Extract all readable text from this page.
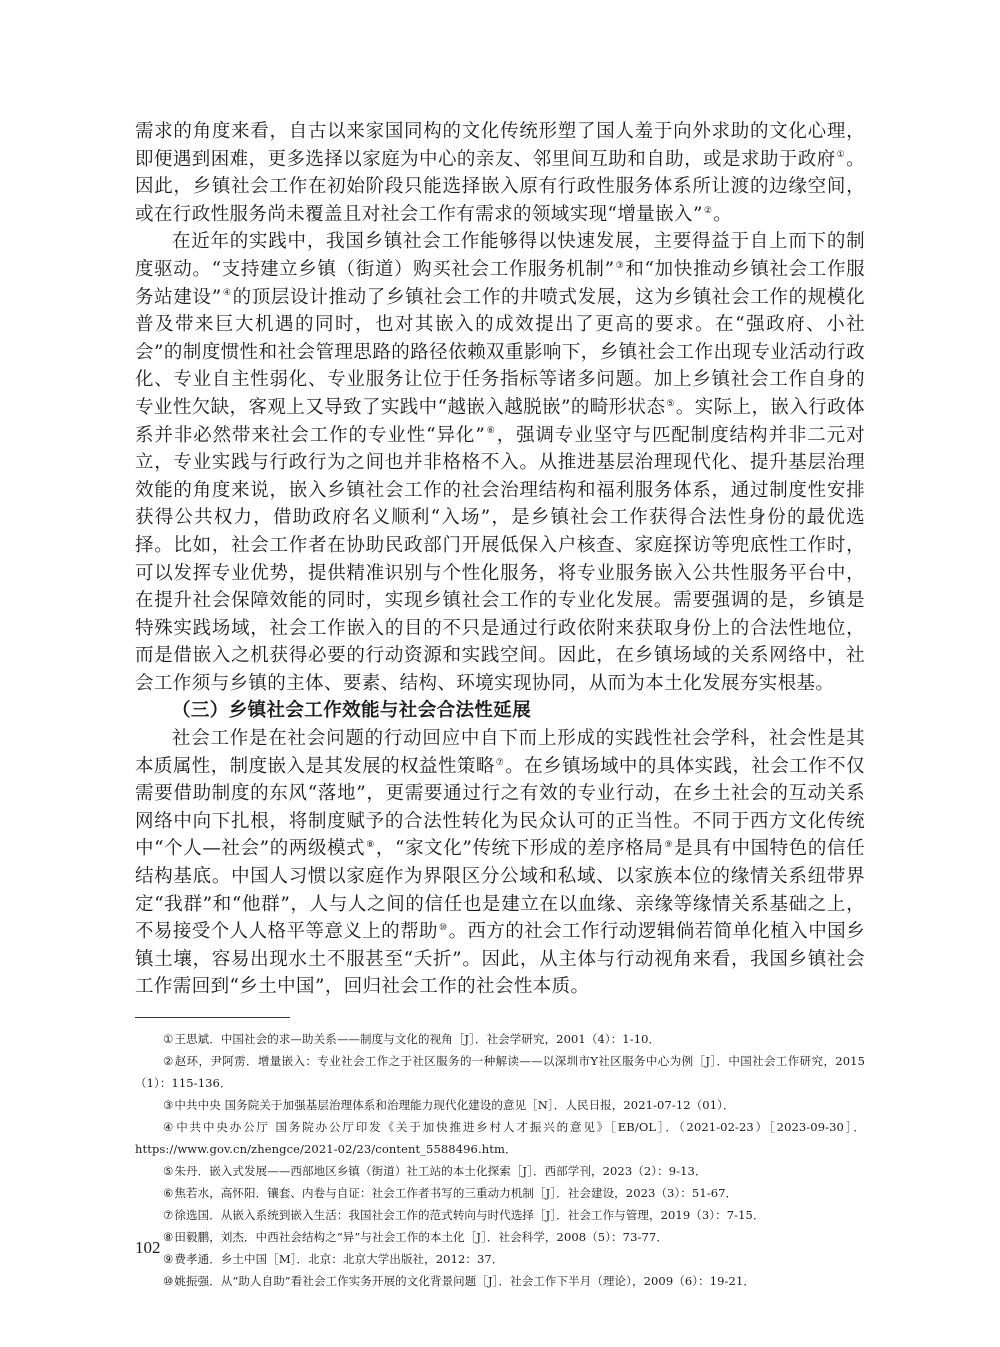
需求的角度来看，自古以来家国同构的文化传统形塑了国人羞于向外求助的文化心理，即便遇到困难，更多选择以家庭为中心的亲友、邻里间互助和自助，或是求助于政府①。因此，乡镇社会工作在初始阶段只能选择嵌入原有行政性服务体系所让渡的边缘空间，或在行政性服务尚未覆盖且对社会工作有需求的领域实现“增量嵌入”②。

在近年的实践中，我国乡镇社会工作能够得以快速发展，主要得益于自上而下的制度驱动。“支持建立乡镇（街道）购买社会工作服务机制”③和“加快推动乡镇社会工作服务站建设”④的顶层设计推动了乡镇社会工作的井喷式发展，这为乡镇社会工作的规模化普及带来巨大机遇的同时，也对其嵌入的成效提出了更高的要求。在“强政府、小社会”的制度惯性和社会管理思路的路径依赖双重影响下，乡镇社会工作出现专业活动行政化、专业自主性弱化、专业服务让位于任务指标等诸多问题。加上乡镇社会工作自身的专业性欠缺，客观上又导致了实践中“越嵌入越脱嵌”的畸形状态⑤。实际上，嵌入行政体系并非必然带来社会工作的专业性“异化”⑥，强调专业坚守与匹配制度结构并非二元对立，专业实践与行政行为之间也并非格格不入。从推进基层治理现代化、提升基层治理效能的角度来说，嵌入乡镇社会工作的社会治理结构和福利服务体系，通过制度性安排获得公共权力，借助政府名义顺利“入场”，是乡镇社会工作获得合法性身份的最优选择。比如，社会工作者在协助民政部门开展低保入户核查、家庭探访等兜底性工作时，可以发挥专业优势，提供精准识别与个性化服务，将专业服务嵌入公共性服务平台中，在提升社会保障效能的同时，实现乡镇社会工作的专业化发展。需要强调的是，乡镇是特殊实践场域，社会工作嵌入的目的不只是通过行政依附来获取身份上的合法性地位，而是借嵌入之机获得必要的行动资源和实践空间。因此，在乡镇场域的关系网络中，社会工作须与乡镇的主体、要素、结构、环境实现协同，从而为本土化发展夯实根基。

（三）乡镇社会工作效能与社会合法性延展

社会工作是在社会问题的行动回应中自下而上形成的实践性社会学科，社会性是其本质属性，制度嵌入是其发展的权益性策略⑦。在乡镇场域中的具体实践，社会工作不仅需要借助制度的东风“落地”，更需要通过行之有效的专业行动，在乡土社会的互动关系网络中向下扎根，将制度赋予的合法性转化为民众认可的正当性。不同于西方文化传统中“个人—社会”的两级模式⑧，“家文化”传统下形成的差序格局⑨是具有中国特色的信任结构基底。中国人习惯以家庭作为界限区分公域和私域、以家族本位的缘情关系纽带界定“我群”和“他群”，人与人之间的信任也是建立在以血缘、亲缘等缘情关系基础之上，不易接受个人人格平等意义上的帮助⑩。西方的社会工作行动逻辑倘若简单化植入中国乡镇土壤，容易出现水土不服甚至“夭折”。因此，从主体与行动视角来看，我国乡镇社会工作需回到“乡土中国”，回归社会工作的社会性本质。

①王思斌．中国社会的求—助关系——制度与文化的视角［J］．社会学研究，2001（4）：1-10．
②赵环，尹阿雳．增量嵌入：专业社会工作之于社区服务的一种解读——以深圳市Y社区服务中心为例［J］．中国社会工作研究，2015（1）：115-136．
③中共中央 国务院关于加强基层治理体系和治理能力现代化建设的意见［N］．人民日报，2021-07-12（01）．
④中共中央办公厅 国务院办公厅印发《关于加快推进乡村人才振兴的意见》［EB/OL］．（2021-02-23）［2023-09-30］．https://www.gov.cn/zhengce/2021-02/23/content_5588496.htm．
⑤朱丹．嵌入式发展——西部地区乡镇（街道）社工站的本土化探索［J］．西部学刊，2023（2）：9-13．
⑥焦若水，高怀阳．镶套、内卷与自证：社会工作者书写的三重动力机制［J］．社会建设，2023（3）：51-67．
⑦徐选国．从嵌入系统到嵌入生活：我国社会工作的范式转向与时代选择［J］．社会工作与管理，2019（3）：7-15．
⑧田毅鹏，刘杰．中西社会结构之“异”与社会工作的本土化［J］．社会科学，2008（5）：73-77．
⑨费孝通．乡土中国［M］．北京：北京大学出版社，2012：37．
⑩姚振强．从“助人自助”看社会工作实务开展的文化背景问题［J］．社会工作下半月（理论），2009（6）：19-21．
102
